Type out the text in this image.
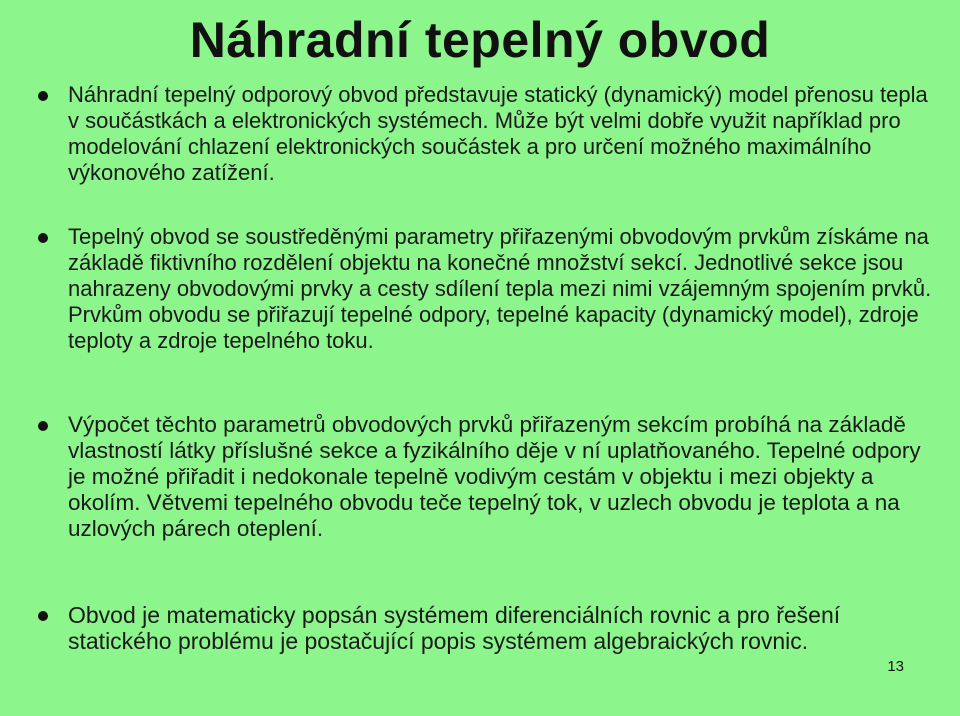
Náhradní tepelný obvod
Náhradní tepelný odporový obvod představuje statický (dynamický) model přenosu tepla v součástkách a elektronických systémech. Může být velmi dobře využit například pro modelování chlazení elektronických součástek a pro určení možného maximálního výkonového zatížení.
Tepelný obvod se soustředěnými parametry přiřazenými obvodovým prvkům získáme na základě fiktivního rozdělení objektu na konečné množství sekcí. Jednotlivé sekce jsou nahrazeny obvodovými prvky a cesty sdílení tepla mezi nimi vzájemným spojením prvků. Prvkům obvodu se přiřazují tepelné odpory, tepelné kapacity (dynamický model), zdroje teploty a zdroje tepelného toku.
Výpočet těchto parametrů obvodových prvků přiřazeným sekcím probíhá na základě vlastností látky příslušné sekce a fyzikálního děje v ní uplatňovaného. Tepelné odpory je možné přiřadit i nedokonale tepelně vodivým cestám v objektu i mezi objekty a okolím. Větvemi tepelného obvodu teče tepelný tok, v uzlech obvodu je teplota a na uzlových párech oteplení.
Obvod je matematicky popsán systémem diferenciálních rovnic a pro řešení statického problému je postačující popis systémem algebraických rovnic.
13
